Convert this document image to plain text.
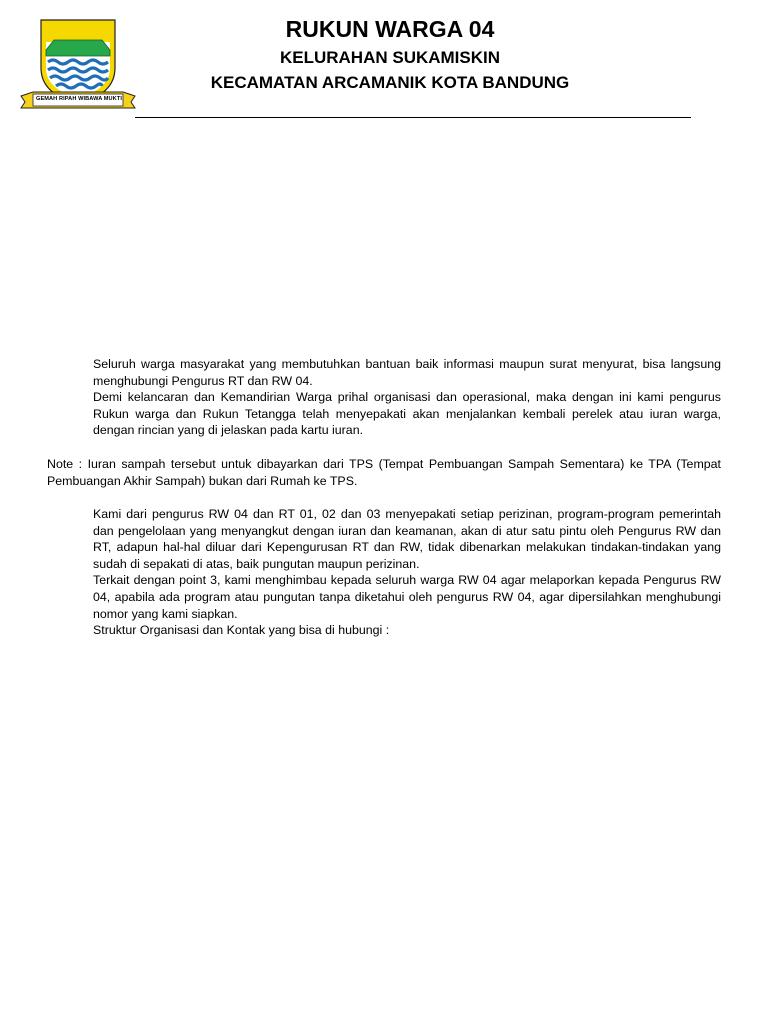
GEMAH RIPAH WIBAWA MUKTI
RUKUN WARGA 04
KELURAHAN SUKAMISKIN
KECAMATAN ARCAMANIK KOTA BANDUNG

Seluruh warga masyarakat yang membutuhkan bantuan baik informasi maupun surat menyurat, bisa langsung menghubungi Pengurus RT dan RW 04.

Demi kelancaran dan Kemandirian Warga prihal organisasi dan operasional, maka dengan ini kami pengurus Rukun warga dan Rukun Tetangga telah menyepakati akan menjalankan kembali perelek atau iuran warga, dengan rincian yang di jelaskan pada kartu iuran.

Note : Iuran sampah tersebut untuk dibayarkan dari TPS (Tempat Pembuangan Sampah Sementara) ke TPA (Tempat Pembuangan Akhir Sampah) bukan dari Rumah ke TPS.

Kami dari pengurus RW 04 dan RT 01, 02 dan 03 menyepakati setiap perizinan, program-program pemerintah dan pengelolaan yang menyangkut dengan iuran dan keamanan, akan di atur satu pintu oleh Pengurus RW dan RT, adapun hal-hal diluar dari Kepengurusan RT dan RW, tidak dibenarkan melakukan tindakan-tindakan yang sudah di sepakati di atas, baik pungutan maupun perizinan.

Terkait dengan point 3, kami menghimbau kepada seluruh warga RW 04 agar melaporkan kepada Pengurus RW 04, apabila ada program atau pungutan tanpa diketahui oleh pengurus RW 04, agar dipersilahkan menghubungi nomor yang kami siapkan.

Struktur Organisasi dan Kontak yang bisa di hubungi :
